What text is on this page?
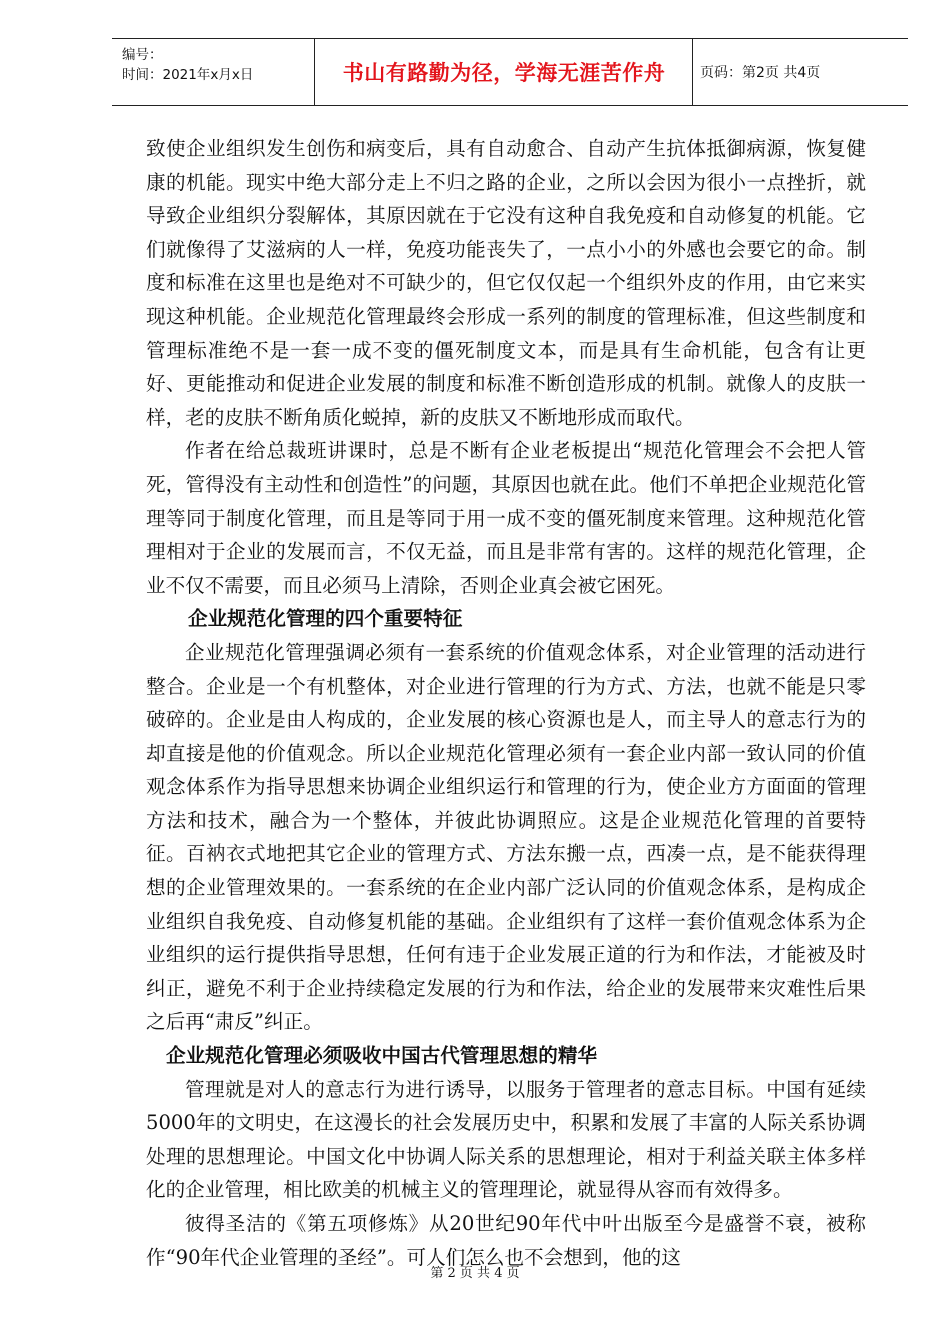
编号：
时间：2021年x月x日	书山有路勤为径，学海无涯苦作舟 页码：第2页 共4页

致使企业组织发生创伤和病变后，具有自动愈合、自动产生抗体抵御病源，恢复健康的机能。现实中绝大部分走上不归之路的企业，之所以会因为很小一点挫折，就导致企业组织分裂解体，其原因就在于它没有这种自我免疫和自动修复的机能。它们就像得了艾滋病的人一样，免疫功能丧失了，一点小小的外感也会要它的命。制度和标准在这里也是绝对不可缺少的，但它仅仅起一个组织外皮的作用，由它来实现这种机能。企业规范化管理最终会形成一系列的制度的管理标准，但这些制度和管理标准绝不是一套一成不变的僵死制度文本，而是具有生命机能，包含有让更好、更能推动和促进企业发展的制度和标准不断创造形成的机制。就像人的皮肤一样，老的皮肤不断角质化蜕掉，新的皮肤又不断地形成而取代。

作者在给总裁班讲课时，总是不断有企业老板提出“规范化管理会不会把人管死，管得没有主动性和创造性”的问题，其原因也就在此。他们不单把企业规范化管理等同于制度化管理，而且是等同于用一成不变的僵死制度来管理。这种规范化管理相对于企业的发展而言，不仅无益，而且是非常有害的。这样的规范化管理，企业不仅不需要，而且必须马上清除，否则企业真会被它困死。

企业规范化管理的四个重要特征

企业规范化管理强调必须有一套系统的价值观念体系，对企业管理的活动进行整合。企业是一个有机整体，对企业进行管理的行为方式、方法，也就不能是只零破碎的。企业是由人构成的，企业发展的核心资源也是人，而主导人的意志行为的却直接是他的价值观念。所以企业规范化管理必须有一套企业内部一致认同的价值观念体系作为指导思想来协调企业组织运行和管理的行为，使企业方方面面的管理方法和技术，融合为一个整体，并彼此协调照应。这是企业规范化管理的首要特征。百衲衣式地把其它企业的管理方式、方法东搬一点，西凑一点，是不能获得理想的企业管理效果的。一套系统的在企业内部广泛认同的价值观念体系，是构成企业组织自我免疫、自动修复机能的基础。企业组织有了这样一套价值观念体系为企业组织的运行提供指导思想，任何有违于企业发展正道的行为和作法，才能被及时纠正，避免不利于企业持续稳定发展的行为和作法，给企业的发展带来灾难性后果之后再“肃反”纠正。

企业规范化管理必须吸收中国古代管理思想的精华

管理就是对人的意志行为进行诱导，以服务于管理者的意志目标。中国有延续5000年的文明史，在这漫长的社会发展历史中，积累和发展了丰富的人际关系协调处理的思想理论。中国文化中协调人际关系的思想理论，相对于利益关联主体多样化的企业管理，相比欧美的机械主义的管理理论，就显得从容而有效得多。

彼得圣洁的《第五项修炼》从20世纪90年代中叶出版至今是盛誉不衰，被称作“90年代企业管理的圣经”。可人们怎么也不会想到，他的这

第 2 页 共 4 页
